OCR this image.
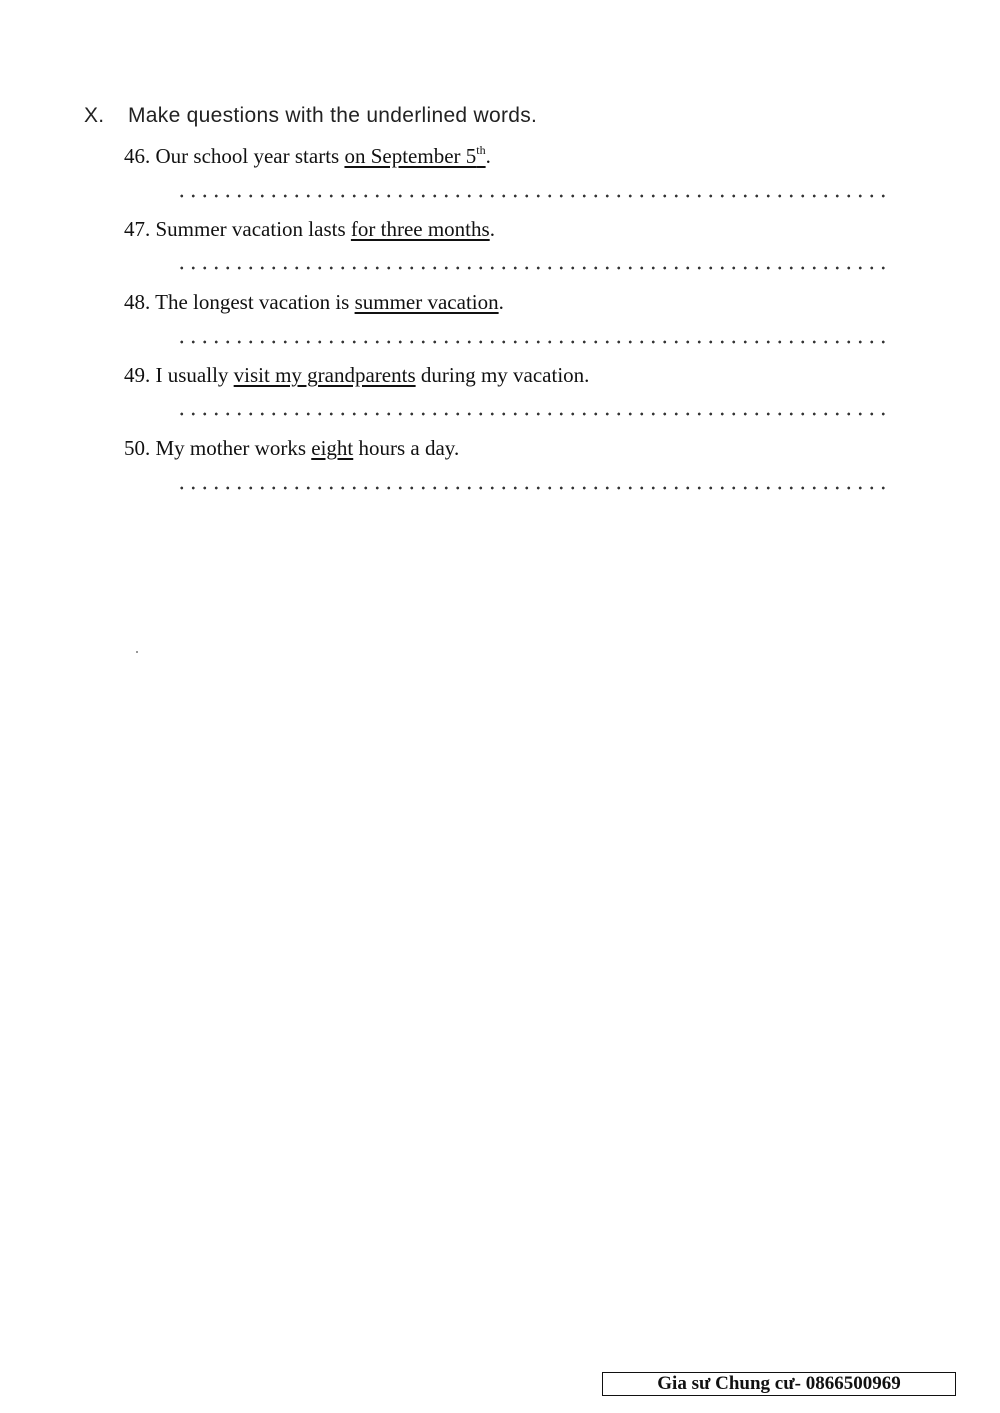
X. Make questions with the underlined words.
46. Our school year starts on September 5th.
47. Summer vacation lasts for three months.
48. The longest vacation is summer vacation.
49. I usually visit my grandparents during my vacation.
50. My mother works eight hours a day.
Gia sư Chung cư- 0866500969
